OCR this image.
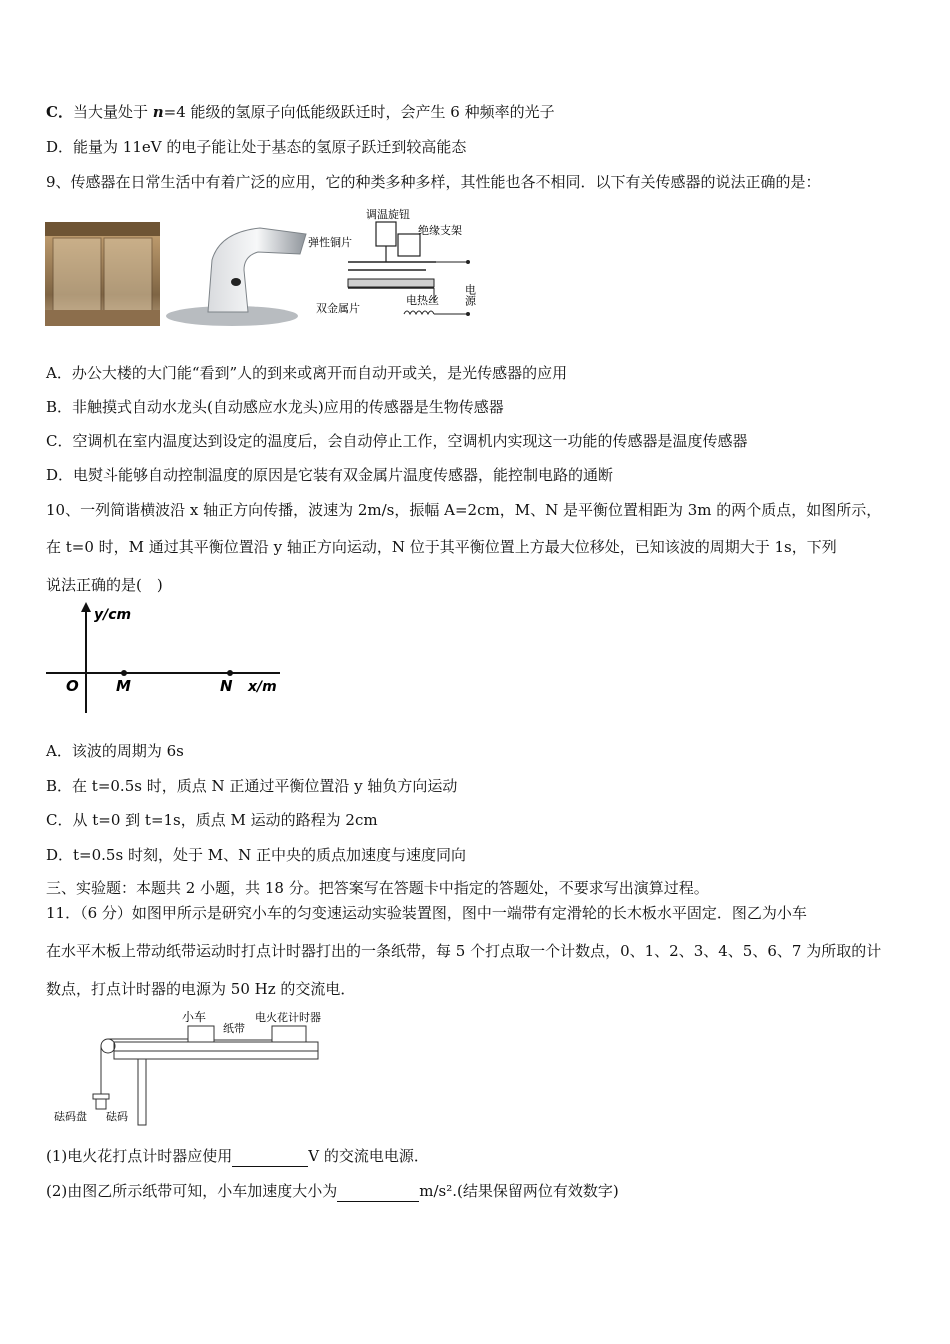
C．当大量处于 n=4 能级的氢原子向低能级跃迁时，会产生 6 种频率的光子
D．能量为 11eV 的电子能让处于基态的氢原子跃迁到较高能态
9、传感器在日常生活中有着广泛的应用，它的种类多种多样，其性能也各不相同．以下有关传感器的说法正确的是：
调温旋钮
弹性铜片
绝缘支架
电源
双金属片
电热丝
A．办公大楼的大门能“看到”人的到来或离开而自动开或关，是光传感器的应用
B．非触摸式自动水龙头(自动感应水龙头)应用的传感器是生物传感器
C．空调机在室内温度达到设定的温度后，会自动停止工作，空调机内实现这一功能的传感器是温度传感器
D．电熨斗能够自动控制温度的原因是它装有双金属片温度传感器，能控制电路的通断
10、一列简谐横波沿 x 轴正方向传播，波速为 2m/s，振幅 A=2cm，M、N 是平衡位置相距为 3m 的两个质点，如图所示，
在 t=0 时，M 通过其平衡位置沿 y 轴正方向运动，N 位于其平衡位置上方最大位移处，已知该波的周期大于 1s，下列
说法正确的是(　)
y/cm
O M	N x/m
A．该波的周期为 6s
B．在 t=0.5s 时，质点 N 正通过平衡位置沿 y 轴负方向运动
C．从 t=0 到 t=1s，质点 M 运动的路程为 2cm
D．t=0.5s 时刻，处于 M、N 正中央的质点加速度与速度同向
三、实验题：本题共 2 小题，共 18 分。把答案写在答题卡中指定的答题处，不要求写出演算过程。
11．（6 分）如图甲所示是研究小车的匀变速运动实验装置图，图中一端带有定滑轮的长木板水平固定．图乙为小车
在水平木板上带动纸带运动时打点计时器打出的一条纸带，每 5 个打点取一个计数点，0、1、2、3、4、5、6、7 为所取的计
数点，打点计时器的电源为 50 Hz 的交流电．
小车
纸带
电火花计时器
砝码盘 砝码
(1)电火花打点计时器应使用	V 的交流电电源．
(2)由图乙所示纸带可知，小车加速度大小为	m/s².(结果保留两位有效数字)
